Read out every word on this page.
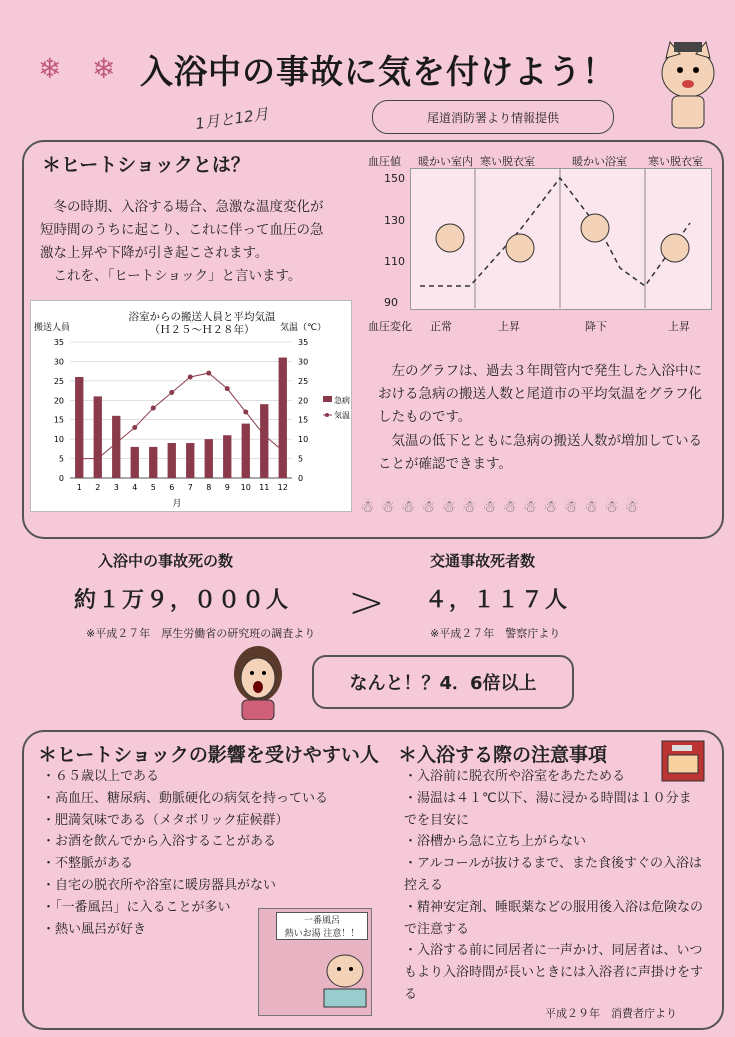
❄ ❄ 入浴中の事故に気を付けよう！
1月と12月	尾道消防署より情報提供
＊ヒートショックとは？
冬の時期、入浴する場合、急激な温度変化が短時間のうちに起こり、これに伴って血圧の急激な上昇や下降が引き起こされます。
これを、「ヒートショック」と言います。
血圧値
150
130
110
90
暖かい室内 寒い脱衣室	暖かい浴室 寒い脱衣室
血圧変化 正常	上昇	降下	上昇
浴室からの搬送人員と平均気温
（Ｈ２５～Ｈ２８年）
搬送人員	気温（℃）
月
0	0
5	5
10	10
15	15
20	20
25	25
30	30
35	35
1 2 3 4 5 6 7 8 9 10 11 12
急病
気温
☃☃☃☃☃☃☃☃☃☃☃☃☃☃
左のグラフは、過去３年間管内で発生した入浴中における急病の搬送人数と尾道市の平均気温をグラフ化したものです。
気温の低下とともに急病の搬送人数が増加していることが確認できます。
入浴中の事故死の数
約１万９，０００人
※平成２７年　厚生労働省の研究班の調査より
>
交通事故死者数
４，１１７人
※平成２７年　警察庁より
なんと！？4．6倍以上
＊ヒートショックの影響を受けやすい人
・ ６５歳以上である
・ 高血圧、糖尿病、動脈硬化の病気を持っている
・ 肥満気味である（メタボリック症候群）
・ お酒を飲んでから入浴することがある
・ 不整脈がある
・ 自宅の脱衣所や浴室に暖房器具がない
・ 「一番風呂」に入ることが多い
・ 熱い風呂が好き
一番風呂
熱いお湯 注意！！
＊入浴する際の注意事項
・ 入浴前に脱衣所や浴室をあたためる
・ 湯温は４１℃以下、湯に浸かる時間は１０分までを目安に
・ 浴槽から急に立ち上がらない
・ アルコールが抜けるまで、また食後すぐの入浴は控える
・ 精神安定剤、睡眠薬などの服用後入浴は危険なので注意する
・ 入浴する前に同居者に一声かけ、同居者は、いつもより入浴時間が長いときには入浴者に声掛けをする
平成２９年　消費者庁より
